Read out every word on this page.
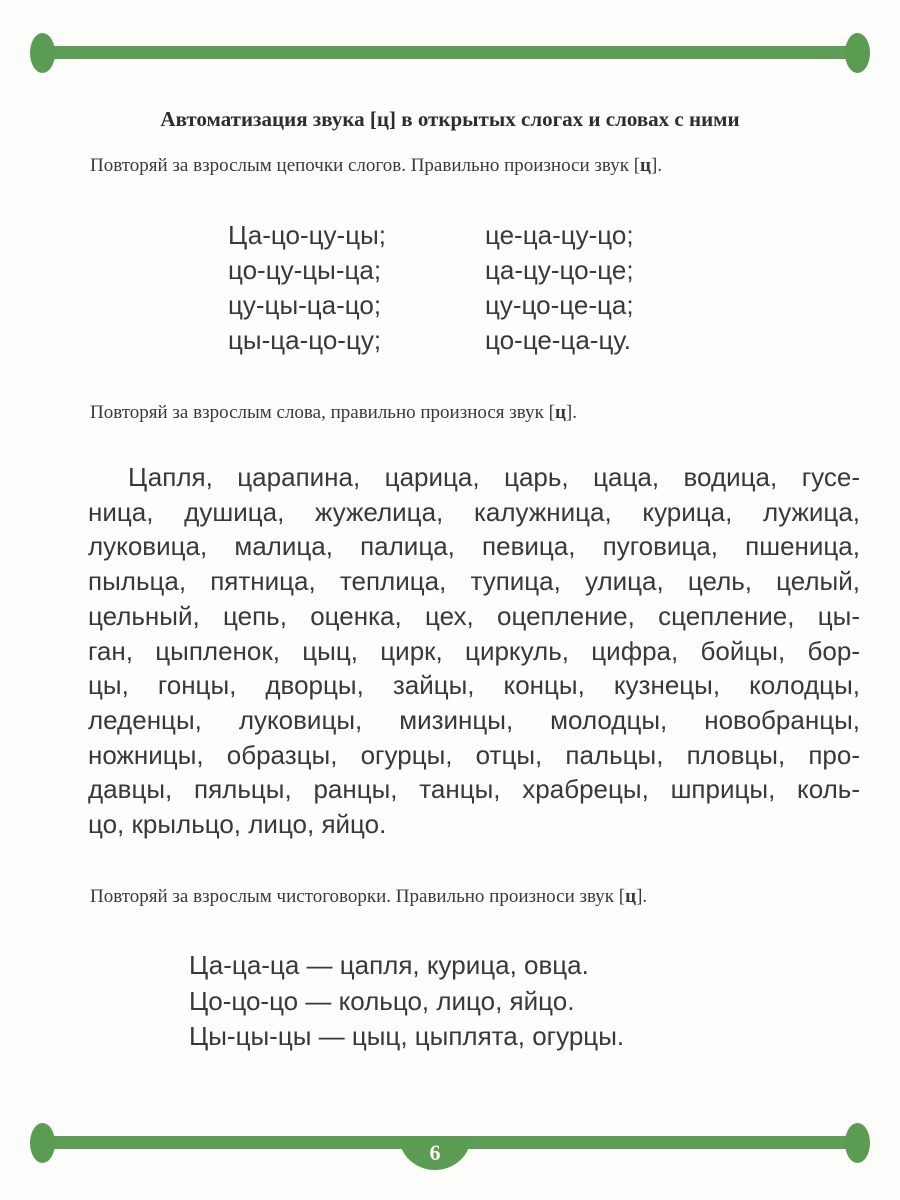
Автоматизация звука [ц] в открытых слогах и словах с ними
Повторяй за взрослым цепочки слогов. Правильно произноси звук [ц].
Ца-цо-цу-цы;
цо-цу-цы-ца;
цу-цы-ца-цо;
цы-ца-цо-цу;
це-ца-цу-цо;
ца-цу-цо-це;
цу-цо-це-ца;
цо-це-ца-цу.
Повторяй за взрослым слова, правильно произнося звук [ц].
Цапля, царапина, царица, царь, цаца, водица, гусе-
ница, душица, жужелица, калужница, курица, лужица,
луковица, малица, палица, певица, пуговица, пшеница,
пыльца, пятница, теплица, тупица, улица, цель, целый,
цельный, цепь, оценка, цех, оцепление, сцепление, цы-
ган, цыпленок, цыц, цирк, циркуль, цифра, бойцы, бор-
цы, гонцы, дворцы, зайцы, концы, кузнецы, колодцы,
леденцы, луковицы, мизинцы, молодцы, новобранцы,
ножницы, образцы, огурцы, отцы, пальцы, пловцы, про-
давцы, пяльцы, ранцы, танцы, храбрецы, шприцы, коль-
цо, крыльцо, лицо, яйцо.
Повторяй за взрослым чистоговорки. Правильно произноси звук [ц].
Ца-ца-ца — цапля, курица, овца.
Цо-цо-цо — кольцо, лицо, яйцо.
Цы-цы-цы — цыц, цыплята, огурцы.
6
